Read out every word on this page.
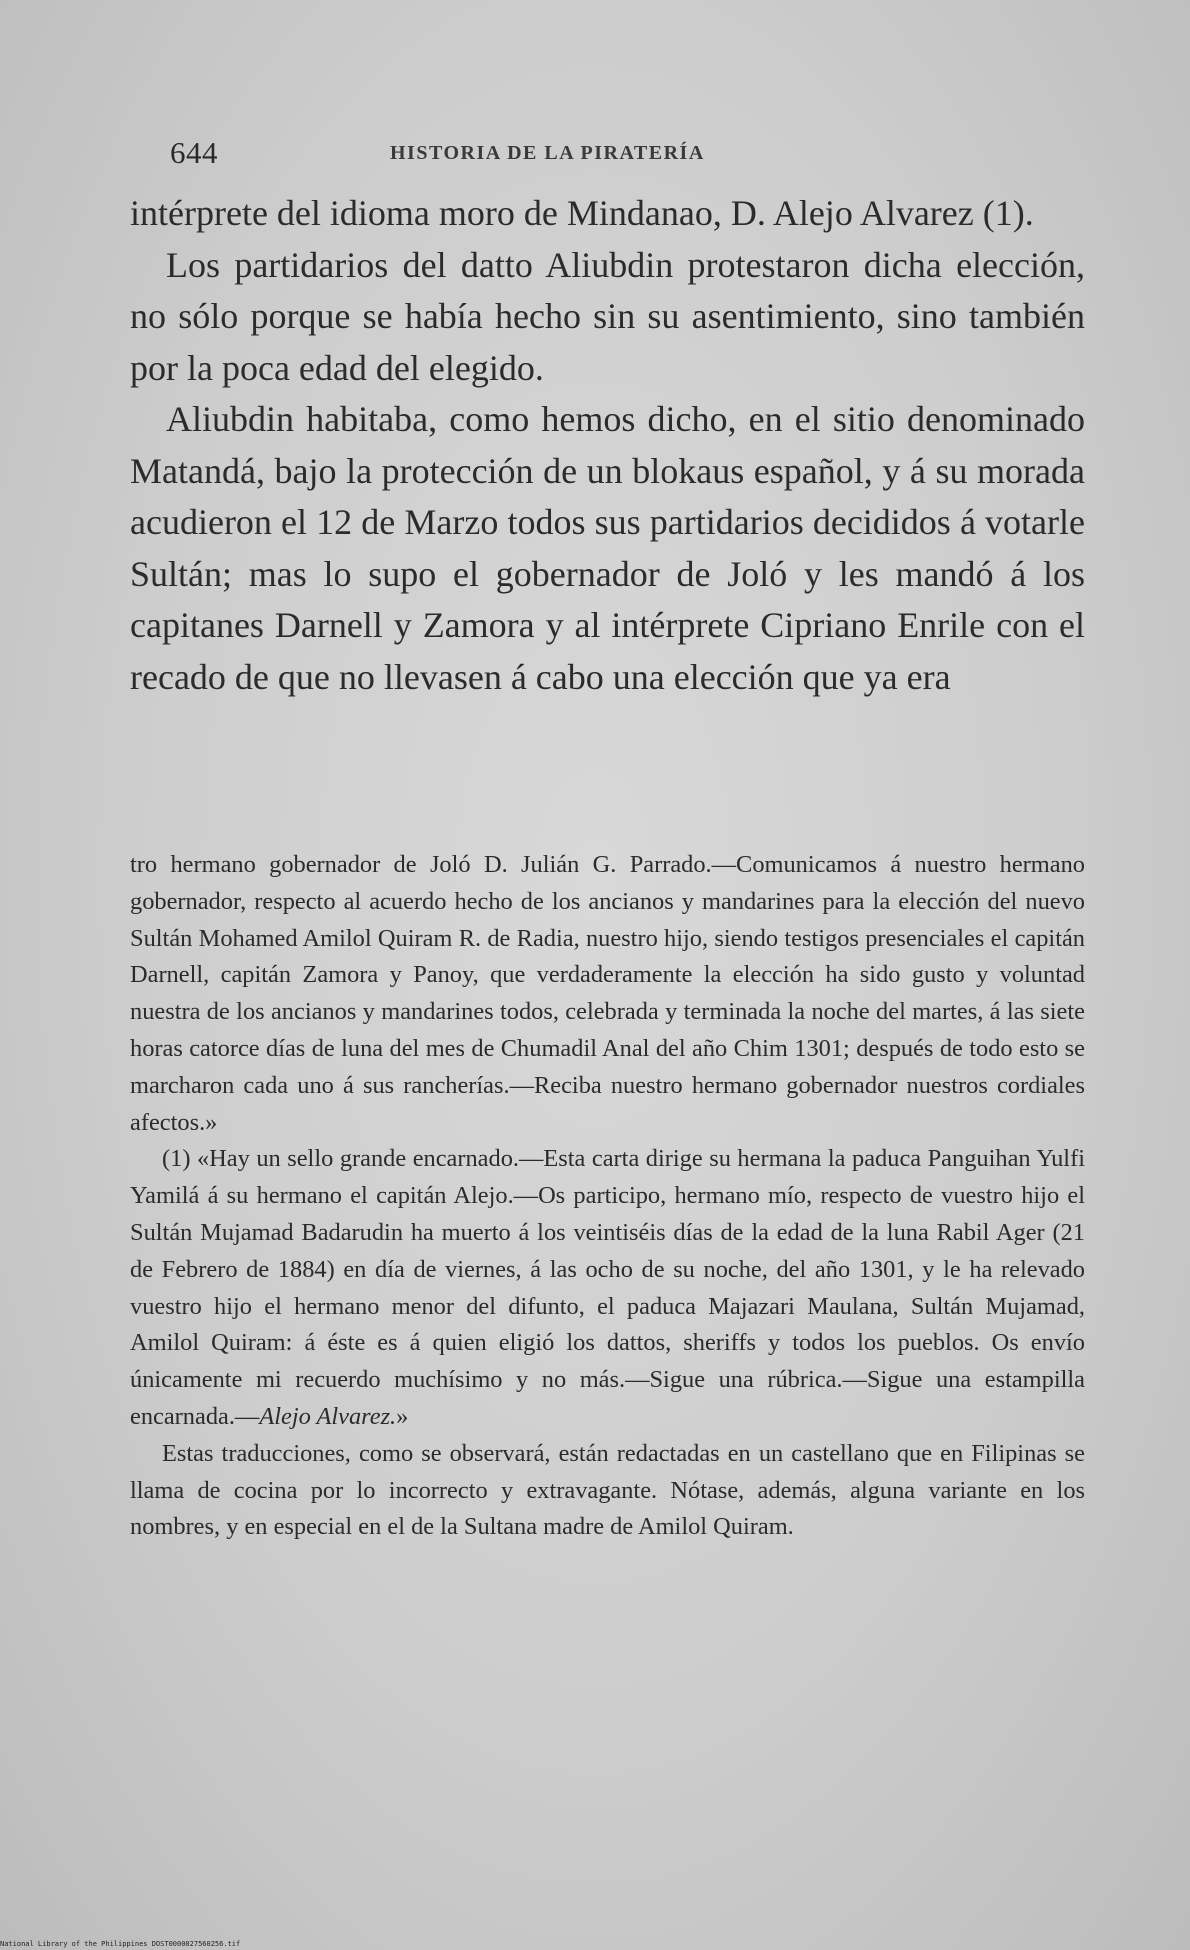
644	HISTORIA DE LA PIRATERÍA

intérprete del idioma moro de Mindanao, D. Alejo Alvarez (1).

Los partidarios del datto Aliubdin protestaron dicha elección, no sólo porque se había hecho sin su asentimiento, sino también por la poca edad del elegido.

Aliubdin habitaba, como hemos dicho, en el sitio denominado Matandá, bajo la protección de un blokaus español, y á su morada acudieron el 12 de Marzo todos sus partidarios decididos á votarle Sultán; mas lo supo el gobernador de Joló y les mandó á los capitanes Darnell y Zamora y al intérprete Cipriano Enrile con el recado de que no llevasen á cabo una elección que ya era

tro hermano gobernador de Joló D. Julián G. Parrado.—Comunicamos á nuestro hermano gobernador, respecto al acuerdo hecho de los ancianos y mandarines para la elección del nuevo Sultán Mohamed Amilol Quiram R. de Radia, nuestro hijo, siendo testigos presenciales el capitán Darnell, capitán Zamora y Panoy, que verdaderamente la elección ha sido gusto y voluntad nuestra de los ancianos y mandarines todos, celebrada y terminada la noche del martes, á las siete horas catorce días de luna del mes de Chumadil Anal del año Chim 1301; después de todo esto se marcharon cada uno á sus rancherías.—Reciba nuestro hermano gobernador nuestros cordiales afectos.»

(1) «Hay un sello grande encarnado.—Esta carta dirige su hermana la paduca Panguihan Yulfi Yamilá á su hermano el capitán Alejo.—Os participo, hermano mío, respecto de vuestro hijo el Sultán Mujamad Badarudin ha muerto á los veintiséis días de la edad de la luna Rabil Ager (21 de Febrero de 1884) en día de viernes, á las ocho de su noche, del año 1301, y le ha relevado vuestro hijo el hermano menor del difunto, el paduca Majazari Maulana, Sultán Mujamad, Amilol Quiram: á éste es á quien eligió los dattos, sheriffs y todos los pueblos. Os envío únicamente mi recuerdo muchísimo y no más.—Sigue una rúbrica.—Sigue una estampilla encarnada.—Alejo Alvarez.»

Estas traducciones, como se observará, están redactadas en un castellano que en Filipinas se llama de cocina por lo incorrecto y extravagante. Nótase, además, alguna variante en los nombres, y en especial en el de la Sultana madre de Amilol Quiram.

National Library of the Philippines DOST0000027560256.tif
